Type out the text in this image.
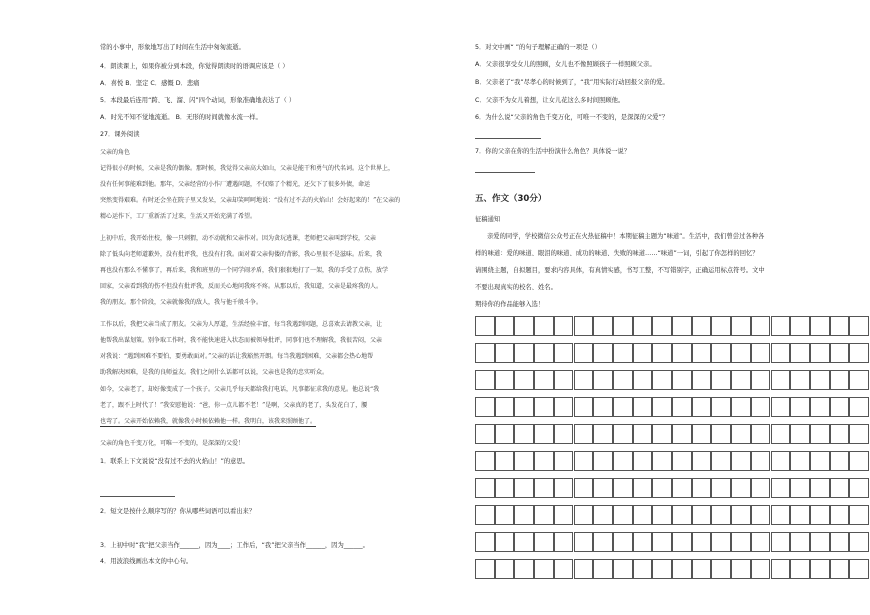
常的小事中，形象地写出了时间在生活中匆匆流逝。
4．朗读课上，如果你被分到本段，你觉得朗读时的语调应该是（ ）
A．喜悦 B．坚定 C．感慨 D．悲痛
5．本段最后连用“跨、飞、溜、闪”四个动词，形象准确地表达了（ ）
A．时光不知不觉地流逝。 B．无形的时间就像水流一样。
27．课外阅读
父亲的角色
记得很小的时候，父亲是我的偶像。那时候，我觉得父亲高大如山，父亲是能干和勇气的代名词。这个世界上，
没有任何事能难到他。那年，父亲经营的小作厂遭遇问题，不仅赔了个精光，还欠下了很多外债，命运
突然变得艰难。有时还会坐在院子里又发呆，父亲却笑呵呵地说：“没有过不去的火焰山！会好起来的！”在父亲的
精心运作下，工厂重新活了过来，生活又开始充满了希望。
上初中后，我开始住校，像一只刺猬，动不动就和父亲作对。因为贪玩逃课，老师把父亲叫到学校，父亲
除了低头向老师道歉外，没有批评我，也没有打我。面对着父亲佝偻的背影，我心里很不是滋味。后来，我
再也没有那么不懂事了，再后来，我和班里的一个同学闹矛盾，我们狠狠地打了一架，我的手受了点伤，放学
回家，父亲看到我的伤不但没有批评我，反而关心地问我疼不疼。从那以后，我知道，父亲是最疼我的人。
我的朋友。那个阶段，父亲就像我的敌人，我与他千般斗争。
工作以后，我把父亲当成了朋友。父亲为人厚道，生活经验丰富，每当我遇到问题，总喜欢去请教父亲，让
他帮我出谋划策。别争取工作时，我不能快速进入状态而被领导批评，同事们也不理解我，我很苦闷，父亲
对我说：“遇到困难不要怕，要勇敢面对。”父亲的话让我豁然开朗。每当我遇到困难，父亲都会热心地帮
助我解决困难，是我的良师益友。我们之间什么话都可以说，父亲也是我的忠实听众。
如今，父亲老了，却好像变成了一个孩子。父亲几乎每天都给我打电话，凡事都征求我的意见。他总说“我
老了，跟不上时代了！”我安慰他说：“爸，你一点儿都不老！”是啊，父亲真的老了，头发花白了，腰
也弯了。父亲开始依赖我，就像我小时候依赖他一样。我明白，该我来照顾他了。
父亲的角色千变万化，可唯一不变的，是深深的父爱！
1．联系上下文说说“没有过不去的火焰山！”的意思。
2．短文是按什么顺序写的？你从哪些词语可以看出来？
3．上初中时“我”把父亲当作______，因为____；工作后，“我”把父亲当作______，因为______。
4．用波浪线画出本文的中心句。
5．对文中画“ ”的句子理解正确的一项是（）
A．父亲很享受女儿的照顾，女儿也不像照顾孩子一样照顾父亲。
B．父亲老了“我”尽孝心的时候到了，“我”用实际行动回报父亲的爱。
C．父亲不为女儿着想，让女儿花这么多时间照顾他。
6．为什么说“父亲的角色千变万化，可唯一不变的，是深深的父爱”？
7．你的父亲在你的生活中扮演什么角色？具体说一说？
五、作文（30分）
征稿通知
亲爱的同学，学校微信公众号正在火热征稿中！本期征稿主题为“味道”。生活中，我们曾尝过各种各
样的味道：爱的味道、眼泪的味道、成功的味道、失败的味道……“味道”一词，引起了你怎样的回忆？
请围绕主题，自拟题目，要求内容具体，有真情实感，书写工整，不写错别字，正确运用标点符号。文中
不要出现真实的校名、姓名。
期待你的作品能够入选！
